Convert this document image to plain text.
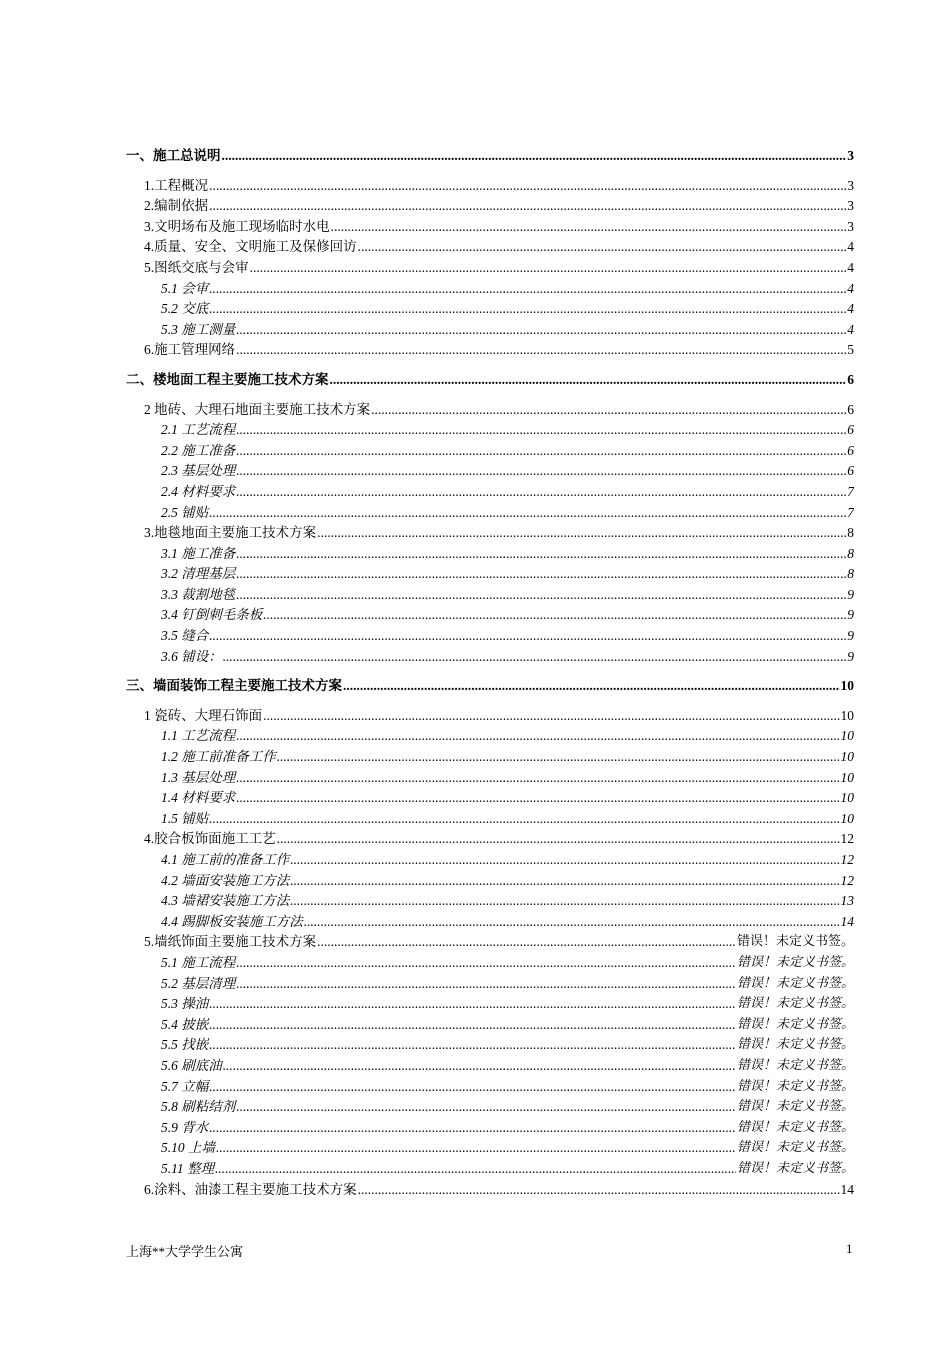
一、施工总说明 .....	3
1.工程概况 .....	3
2.编制依据 .....	3
3.文明场布及施工现场临时水电 .....	3
4.质量、安全、文明施工及保修回访 .....	4
5.图纸交底与会审 .....	4
5.1 会审 .....	4
5.2 交底 .....	4
5.3 施工测量 .....	4
6.施工管理网络 .....	5
二、楼地面工程主要施工技术方案 .....	6
2 地砖、大理石地面主要施工技术方案 .....	6
2.1 工艺流程 .....	6
2.2 施工准备 .....	6
2.3 基层处理 .....	6
2.4 材料要求 .....	7
2.5 铺贴 .....	7
3.地毯地面主要施工技术方案 .....	8
3.1 施工准备 .....	8
3.2 清理基层 .....	8
3.3 裁割地毯 .....	9
3.4 钉倒刺毛条板 .....	9
3.5 缝合 .....	9
3.6 铺设： .....	9
三、墙面装饰工程主要施工技术方案 .....	10
1 瓷砖、大理石饰面 .....	10
1.1 工艺流程 .....	10
1.2 施工前准备工作 .....	10
1.3 基层处理 .....	10
1.4 材料要求 .....	10
1.5 铺贴 .....	10
4.胶合板饰面施工工艺 .....	12
4.1 施工前的准备工作 .....	12
4.2 墙面安装施工方法 .....	12
4.3 墙裙安装施工方法 .....	13
4.4 踢脚板安装施工方法 .....	14
5.墙纸饰面主要施工技术方案 .....	错误！未定义书签。
5.1 施工流程 .....	错误！未定义书签。
5.2 基层清理 .....	错误！未定义书签。
5.3 操油 .....	错误！未定义书签。
5.4 披嵌 .....	错误！未定义书签。
5.5 找嵌 .....	错误！未定义书签。
5.6 刷底油 .....	错误！未定义书签。
5.7 立幅 .....	错误！未定义书签。
5.8 刷粘结剂 .....	错误！未定义书签。
5.9 背水 .....	错误！未定义书签。
5.10 上墙 .....	错误！未定义书签。
5.11 整理 .....	错误！未定义书签。
6.涂料、油漆工程主要施工技术方案 .....	14
上海**大学学生公寓	1
